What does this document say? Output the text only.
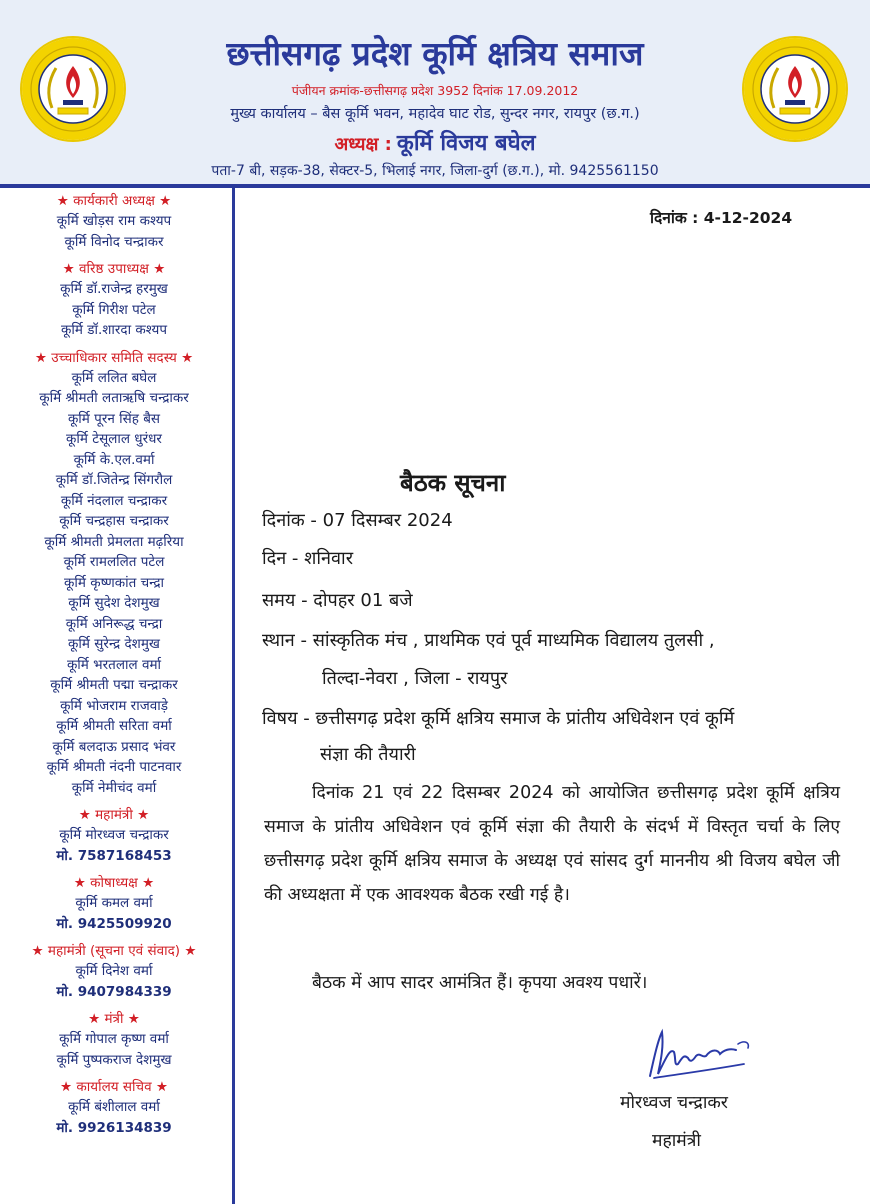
छत्तीसगढ़ प्रदेश कूर्मि क्षत्रिय समाज
पंजीयन क्रमांक-छत्तीसगढ़ प्रदेश 3952 दिनांक 17.09.2012
मुख्य कार्यालय – बैस कूर्मि भवन, महादेव घाट रोड, सुन्दर नगर, रायपुर (छ.ग.)
अध्यक्ष : कूर्मि विजय बघेल
पता-7 बी, सड़क-38, सेक्टर-5, भिलाई नगर, जिला-दुर्ग (छ.ग.), मो. 9425561150
★ कार्यकारी अध्यक्ष ★
कूर्मि खोड़स राम कश्यप
कूर्मि विनोद चन्द्राकर
★ वरिष्ठ उपाध्यक्ष ★
कूर्मि डॉ.राजेन्द्र हरमुख
कूर्मि गिरीश पटेल
कूर्मि डॉ.शारदा कश्यप
★ उच्चाधिकार समिति सदस्य ★
कूर्मि ललित बघेल
कूर्मि श्रीमती लताऋषि चन्द्राकर
कूर्मि पूरन सिंह बैस
कूर्मि टेसूलाल धुरंधर
कूर्मि के.एल.वर्मा
कूर्मि डॉ.जितेन्द्र सिंगरौल
कूर्मि नंदलाल चन्द्राकर
कूर्मि चन्द्रहास चन्द्राकर
कूर्मि श्रीमती प्रेमलता मढ़रिया
कूर्मि रामललित पटेल
कूर्मि कृष्णकांत चन्द्रा
कूर्मि सुदेश देशमुख
कूर्मि अनिरूद्ध चन्द्रा
कूर्मि सुरेन्द्र देशमुख
कूर्मि भरतलाल वर्मा
कूर्मि श्रीमती पद्मा चन्द्राकर
कूर्मि भोजराम राजवाड़े
कूर्मि श्रीमती सरिता वर्मा
कूर्मि बलदाऊ प्रसाद भंवर
कूर्मि श्रीमती नंदनी पाटनवार
कूर्मि नेमीचंद वर्मा
★ महामंत्री ★
कूर्मि मोरध्वज चन्द्राकर
मो. 7587168453
★ कोषाध्यक्ष ★
कूर्मि कमल वर्मा
मो. 9425509920
★ महामंत्री (सूचना एवं संवाद) ★
कूर्मि दिनेश वर्मा
मो. 9407984339
★ मंत्री ★
कूर्मि गोपाल कृष्ण वर्मा
कूर्मि पुष्पकराज देशमुख
★ कार्यालय सचिव ★
कूर्मि बंशीलाल वर्मा
मो. 9926134839
दिनांक : 4-12-2024
बैठक सूचना
दिनांक - 07 दिसम्बर 2024
दिन - शनिवार
समय - दोपहर 01 बजे
स्थान - सांस्कृतिक मंच , प्राथमिक एवं पूर्व माध्यमिक विद्यालय तुलसी ,
तिल्दा-नेवरा , जिला - रायपुर
विषय - छत्तीसगढ़ प्रदेश कूर्मि क्षत्रिय समाज के प्रांतीय अधिवेशन एवं कूर्मि
संज्ञा की तैयारी

दिनांक 21 एवं 22 दिसम्बर 2024 को आयोजित छत्तीसगढ़ प्रदेश कूर्मि क्षत्रिय समाज के प्रांतीय अधिवेशन एवं कूर्मि संज्ञा की तैयारी के संदर्भ में विस्तृत चर्चा के लिए छत्तीसगढ़ प्रदेश कूर्मि क्षत्रिय समाज के अध्यक्ष एवं सांसद दुर्ग माननीय श्री विजय बघेल जी की अध्यक्षता में एक आवश्यक बैठक रखी गई है।

बैठक में आप सादर आमंत्रित हैं। कृपया अवश्य पधारें।
मोरध्वज चन्द्राकर
महामंत्री
